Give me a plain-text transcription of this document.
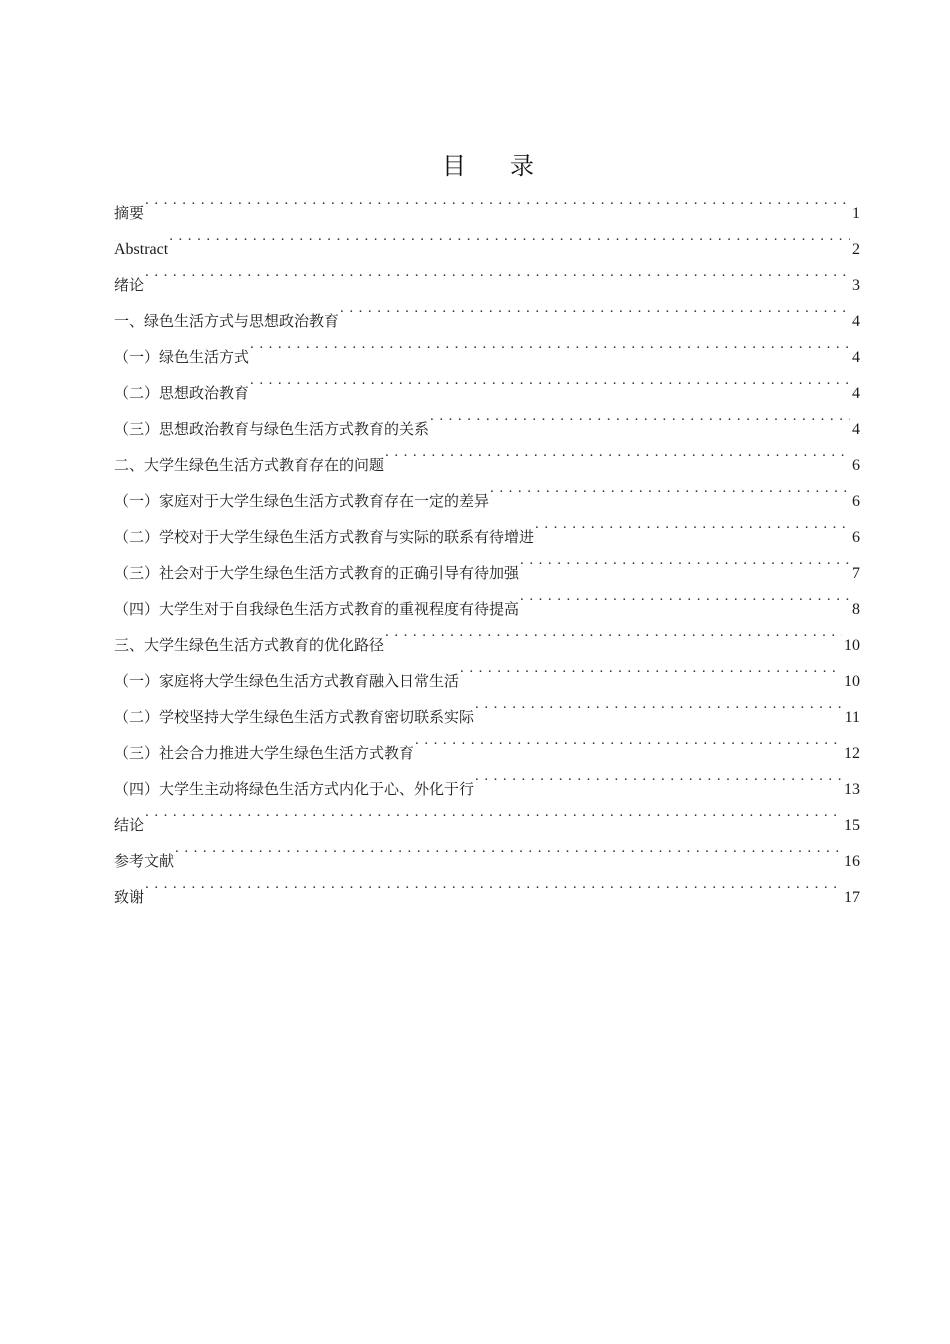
目 录
摘要 . . .	1
Abstract . . .	2
绪论 . . .	3
一、绿色生活方式与思想政治教育 . . .	4
（一）绿色生活方式 . . .	4
（二）思想政治教育 . . .	4
（三）思想政治教育与绿色生活方式教育的关系 . . .	4
二、大学生绿色生活方式教育存在的问题 . . .	6
（一）家庭对于大学生绿色生活方式教育存在一定的差异 . . .	6
（二）学校对于大学生绿色生活方式教育与实际的联系有待增进 . . .	6
（三）社会对于大学生绿色生活方式教育的正确引导有待加强 . . .	7
（四）大学生对于自我绿色生活方式教育的重视程度有待提高 . . .	8
三、大学生绿色生活方式教育的优化路径 . . .	10
（一）家庭将大学生绿色生活方式教育融入日常生活 . . .	10
（二）学校坚持大学生绿色生活方式教育密切联系实际 . . .	11
（三）社会合力推进大学生绿色生活方式教育 . . .	12
（四）大学生主动将绿色生活方式内化于心、外化于行 . . .	13
结论 . . .	15
参考文献 . . .	16
致谢 . . .	17
